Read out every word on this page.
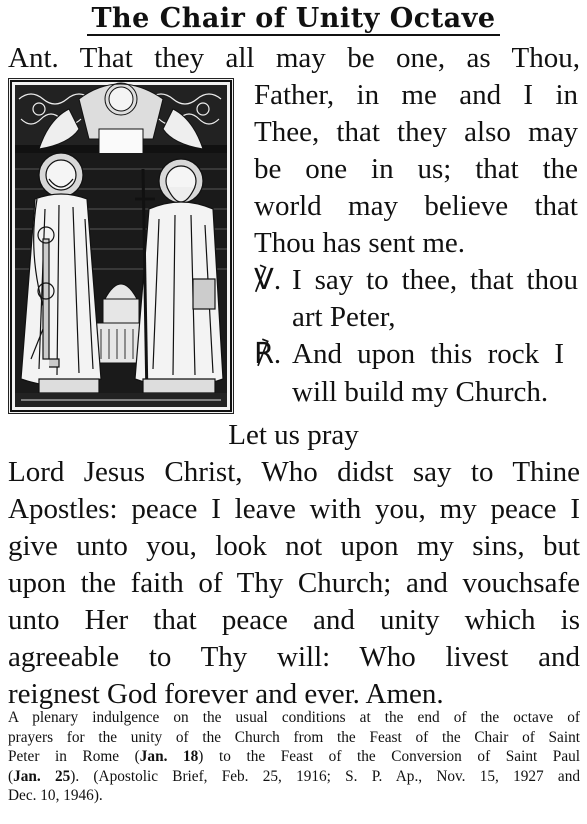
The Chair of Unity Octave
Ant. That they all may be one, as Thou,
Father, in me and I in
Thee, that they also may
be one in us; that the
world may believe that
Thou has sent me.
℣. I say to thee, that thou
art Peter,
℟. And upon this rock I
will build my Church.
Let us pray
Lord Jesus Christ, Who didst say to Thine
Apostles: peace I leave with you, my peace I
give unto you, look not upon my sins, but
upon the faith of Thy Church; and vouchsafe
unto Her that peace and unity which is
agreeable to Thy will: Who livest and
reignest God forever and ever. Amen.
A plenary indulgence on the usual conditions at the end of the octave of
prayers for the unity of the Church from the Feast of the Chair of Saint
Peter in Rome (Jan. 18) to the Feast of the Conversion of Saint Paul
(Jan. 25). (Apostolic Brief, Feb. 25, 1916; S. P. Ap., Nov. 15, 1927 and
Dec. 10, 1946).
